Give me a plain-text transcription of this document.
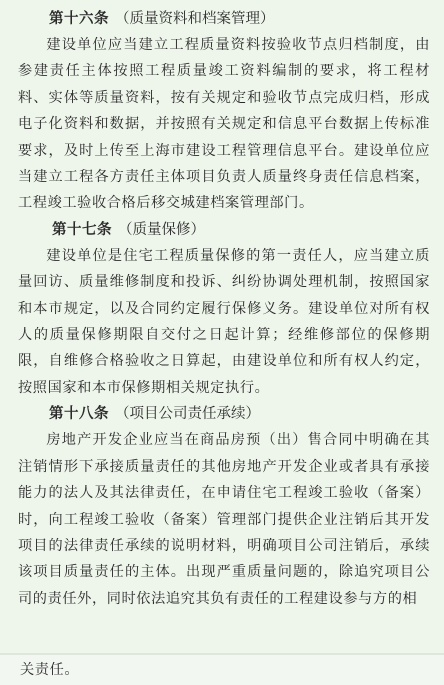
第十六条 （质量资料和档案管理）

建设单位应当建立工程质量资料按验收节点归档制度，由参建责任主体按照工程质量竣工资料编制的要求，将工程材料、实体等质量资料，按有关规定和验收节点完成归档，形成电子化资料和数据，并按照有关规定和信息平台数据上传标准要求，及时上传至上海市建设工程管理信息平台。建设单位应当建立工程各方责任主体项目负责人质量终身责任信息档案，工程竣工验收合格后移交城建档案管理部门。

第十七条 （质量保修）

建设单位是住宅工程质量保修的第一责任人，应当建立质量回访、质量维修制度和投诉、纠纷协调处理机制，按照国家和本市规定，以及合同约定履行保修义务。建设单位对所有权人的质量保修期限自交付之日起计算；经维修部位的保修期限，自维修合格验收之日算起，由建设单位和所有权人约定，按照国家和本市保修期相关规定执行。

第十八条 （项目公司责任承续）

房地产开发企业应当在商品房预（出）售合同中明确在其注销情形下承接质量责任的其他房地产开发企业或者具有承接能力的法人及其法律责任，在申请住宅工程竣工验收（备案）时，向工程竣工验收（备案）管理部门提供企业注销后其开发项目的法律责任承续的说明材料，明确项目公司注销后，承续该项目质量责任的主体。出现严重质量问题的，除追究项目公司的责任外，同时依法追究其负有责任的工程建设参与方的相

关责任。
